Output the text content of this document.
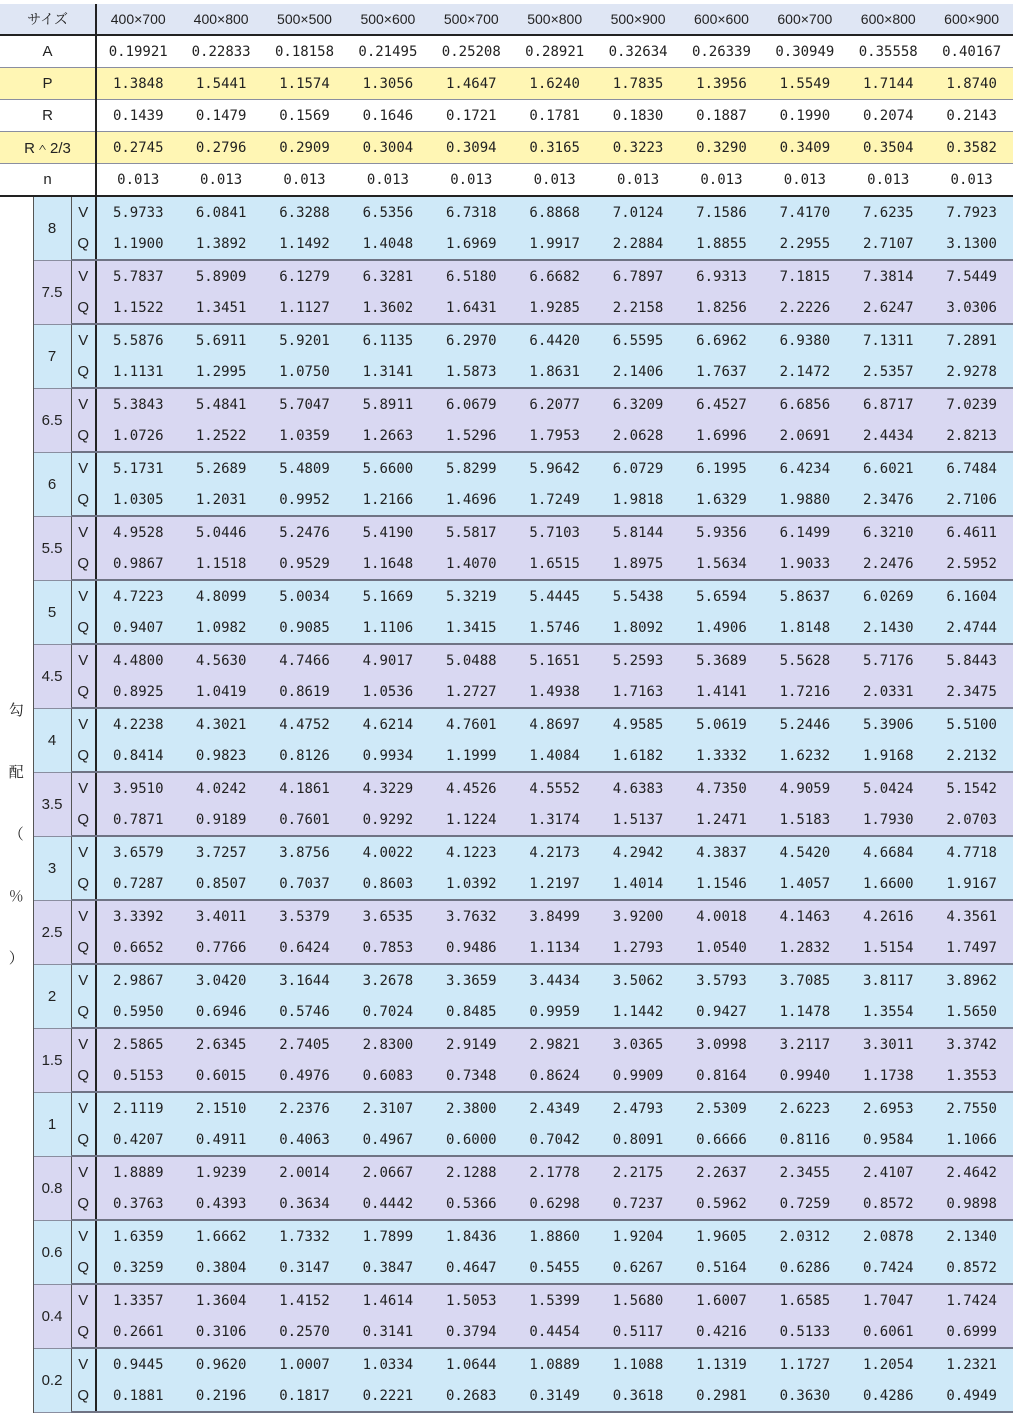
サイズ			400×700	400×800	500×500	500×600	500×700	500×800	500×900	600×600	600×700	600×800	600×900
A			0.19921	0.22833	0.18158	0.21495	0.25208	0.28921	0.32634	0.26339	0.30949	0.35558	0.40167
P			1.3848	1.5441	1.1574	1.3056	1.4647	1.6240	1.7835	1.3956	1.5549	1.7144	1.8740
R			0.1439	0.1479	0.1569	0.1646	0.1721	0.1781	0.1830	0.1887	0.1990	0.2074	0.2143
R＾2/3			0.2745	0.2796	0.2909	0.3004	0.3094	0.3165	0.3223	0.3290	0.3409	0.3504	0.3582
n			0.013	0.013	0.013	0.013	0.013	0.013	0.013	0.013	0.013	0.013	0.013

勾
配
（
％
）	8	V	5.9733	6.0841	6.3288	6.5356	6.7318	6.8868	7.0124	7.1586	7.4170	7.6235	7.7923
		Q	1.1900	1.3892	1.1492	1.4048	1.6969	1.9917	2.2884	1.8855	2.2955	2.7107	3.1300
	7.5	V	5.7837	5.8909	6.1279	6.3281	6.5180	6.6682	6.7897	6.9313	7.1815	7.3814	7.5449
		Q	1.1522	1.3451	1.1127	1.3602	1.6431	1.9285	2.2158	1.8256	2.2226	2.6247	3.0306
	7	V	5.5876	5.6911	5.9201	6.1135	6.2970	6.4420	6.5595	6.6962	6.9380	7.1311	7.2891
		Q	1.1131	1.2995	1.0750	1.3141	1.5873	1.8631	2.1406	1.7637	2.1472	2.5357	2.9278
	6.5	V	5.3843	5.4841	5.7047	5.8911	6.0679	6.2077	6.3209	6.4527	6.6856	6.8717	7.0239
		Q	1.0726	1.2522	1.0359	1.2663	1.5296	1.7953	2.0628	1.6996	2.0691	2.4434	2.8213
	6	V	5.1731	5.2689	5.4809	5.6600	5.8299	5.9642	6.0729	6.1995	6.4234	6.6021	6.7484
		Q	1.0305	1.2031	0.9952	1.2166	1.4696	1.7249	1.9818	1.6329	1.9880	2.3476	2.7106
	5.5	V	4.9528	5.0446	5.2476	5.4190	5.5817	5.7103	5.8144	5.9356	6.1499	6.3210	6.4611
		Q	0.9867	1.1518	0.9529	1.1648	1.4070	1.6515	1.8975	1.5634	1.9033	2.2476	2.5952
	5	V	4.7223	4.8099	5.0034	5.1669	5.3219	5.4445	5.5438	5.6594	5.8637	6.0269	6.1604
		Q	0.9407	1.0982	0.9085	1.1106	1.3415	1.5746	1.8092	1.4906	1.8148	2.1430	2.4744
	4.5	V	4.4800	4.5630	4.7466	4.9017	5.0488	5.1651	5.2593	5.3689	5.5628	5.7176	5.8443
		Q	0.8925	1.0419	0.8619	1.0536	1.2727	1.4938	1.7163	1.4141	1.7216	2.0331	2.3475
	4	V	4.2238	4.3021	4.4752	4.6214	4.7601	4.8697	4.9585	5.0619	5.2446	5.3906	5.5100
		Q	0.8414	0.9823	0.8126	0.9934	1.1999	1.4084	1.6182	1.3332	1.6232	1.9168	2.2132
	3.5	V	3.9510	4.0242	4.1861	4.3229	4.4526	4.5552	4.6383	4.7350	4.9059	5.0424	5.1542
		Q	0.7871	0.9189	0.7601	0.9292	1.1224	1.3174	1.5137	1.2471	1.5183	1.7930	2.0703
	3	V	3.6579	3.7257	3.8756	4.0022	4.1223	4.2173	4.2942	4.3837	4.5420	4.6684	4.7718
		Q	0.7287	0.8507	0.7037	0.8603	1.0392	1.2197	1.4014	1.1546	1.4057	1.6600	1.9167
	2.5	V	3.3392	3.4011	3.5379	3.6535	3.7632	3.8499	3.9200	4.0018	4.1463	4.2616	4.3561
		Q	0.6652	0.7766	0.6424	0.7853	0.9486	1.1134	1.2793	1.0540	1.2832	1.5154	1.7497
	2	V	2.9867	3.0420	3.1644	3.2678	3.3659	3.4434	3.5062	3.5793	3.7085	3.8117	3.8962
		Q	0.5950	0.6946	0.5746	0.7024	0.8485	0.9959	1.1442	0.9427	1.1478	1.3554	1.5650
	1.5	V	2.5865	2.6345	2.7405	2.8300	2.9149	2.9821	3.0365	3.0998	3.2117	3.3011	3.3742
		Q	0.5153	0.6015	0.4976	0.6083	0.7348	0.8624	0.9909	0.8164	0.9940	1.1738	1.3553
	1	V	2.1119	2.1510	2.2376	2.3107	2.3800	2.4349	2.4793	2.5309	2.6223	2.6953	2.7550
		Q	0.4207	0.4911	0.4063	0.4967	0.6000	0.7042	0.8091	0.6666	0.8116	0.9584	1.1066
	0.8	V	1.8889	1.9239	2.0014	2.0667	2.1288	2.1778	2.2175	2.2637	2.3455	2.4107	2.4642
		Q	0.3763	0.4393	0.3634	0.4442	0.5366	0.6298	0.7237	0.5962	0.7259	0.8572	0.9898
	0.6	V	1.6359	1.6662	1.7332	1.7899	1.8436	1.8860	1.9204	1.9605	2.0312	2.0878	2.1340
		Q	0.3259	0.3804	0.3147	0.3847	0.4647	0.5455	0.6267	0.5164	0.6286	0.7424	0.8572
	0.4	V	1.3357	1.3604	1.4152	1.4614	1.5053	1.5399	1.5680	1.6007	1.6585	1.7047	1.7424
		Q	0.2661	0.3106	0.2570	0.3141	0.3794	0.4454	0.5117	0.4216	0.5133	0.6061	0.6999
	0.2	V	0.9445	0.9620	1.0007	1.0334	1.0644	1.0889	1.1088	1.1319	1.1727	1.2054	1.2321
		Q	0.1881	0.2196	0.1817	0.2221	0.2683	0.3149	0.3618	0.2981	0.3630	0.4286	0.4949
